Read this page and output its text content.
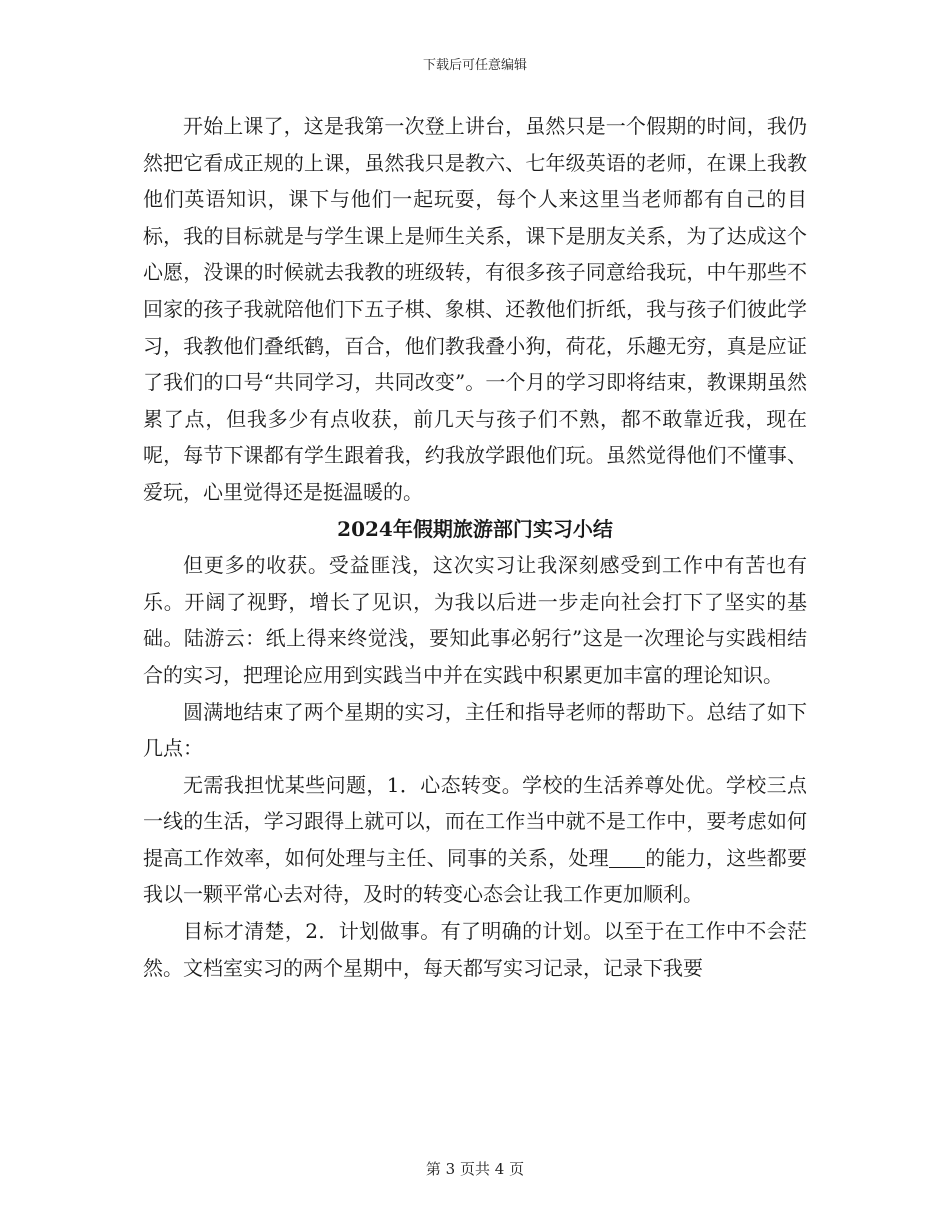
下载后可任意编辑

开始上课了，这是我第一次登上讲台，虽然只是一个假期的时间，我仍然把它看成正规的上课，虽然我只是教六、七年级英语的老师，在课上我教他们英语知识，课下与他们一起玩耍，每个人来这里当老师都有自己的目标，我的目标就是与学生课上是师生关系，课下是朋友关系，为了达成这个心愿，没课的时候就去我教的班级转，有很多孩子同意给我玩，中午那些不回家的孩子我就陪他们下五子棋、象棋、还教他们折纸，我与孩子们彼此学习，我教他们叠纸鹤，百合，他们教我叠小狗，荷花，乐趣无穷，真是应证了我们的口号“共同学习，共同改变”。一个月的学习即将结束，教课期虽然累了点，但我多少有点收获，前几天与孩子们不熟，都不敢靠近我，现在呢，每节下课都有学生跟着我，约我放学跟他们玩。虽然觉得他们不懂事、爱玩，心里觉得还是挺温暖的。

2024年假期旅游部门实习小结

但更多的收获。受益匪浅，这次实习让我深刻感受到工作中有苦也有乐。开阔了视野，增长了见识，为我以后进一步走向社会打下了坚实的基础。陆游云：纸上得来终觉浅，要知此事必躬行”这是一次理论与实践相结合的实习，把理论应用到实践当中并在实践中积累更加丰富的理论知识。

圆满地结束了两个星期的实习，主任和指导老师的帮助下。总结了如下几点：

无需我担忧某些问题，1．心态转变。学校的生活养尊处优。学校三点一线的生活，学习跟得上就可以，而在工作当中就不是工作中，要考虑如何提高工作效率，如何处理与主任、同事的关系，处理 的能力，这些都要我以一颗平常心去对待，及时的转变心态会让我工作更加顺利。

目标才清楚，2．计划做事。有了明确的计划。以至于在工作中不会茫然。文档室实习的两个星期中，每天都写实习记录，记录下我要

第 3 页共 4 页
